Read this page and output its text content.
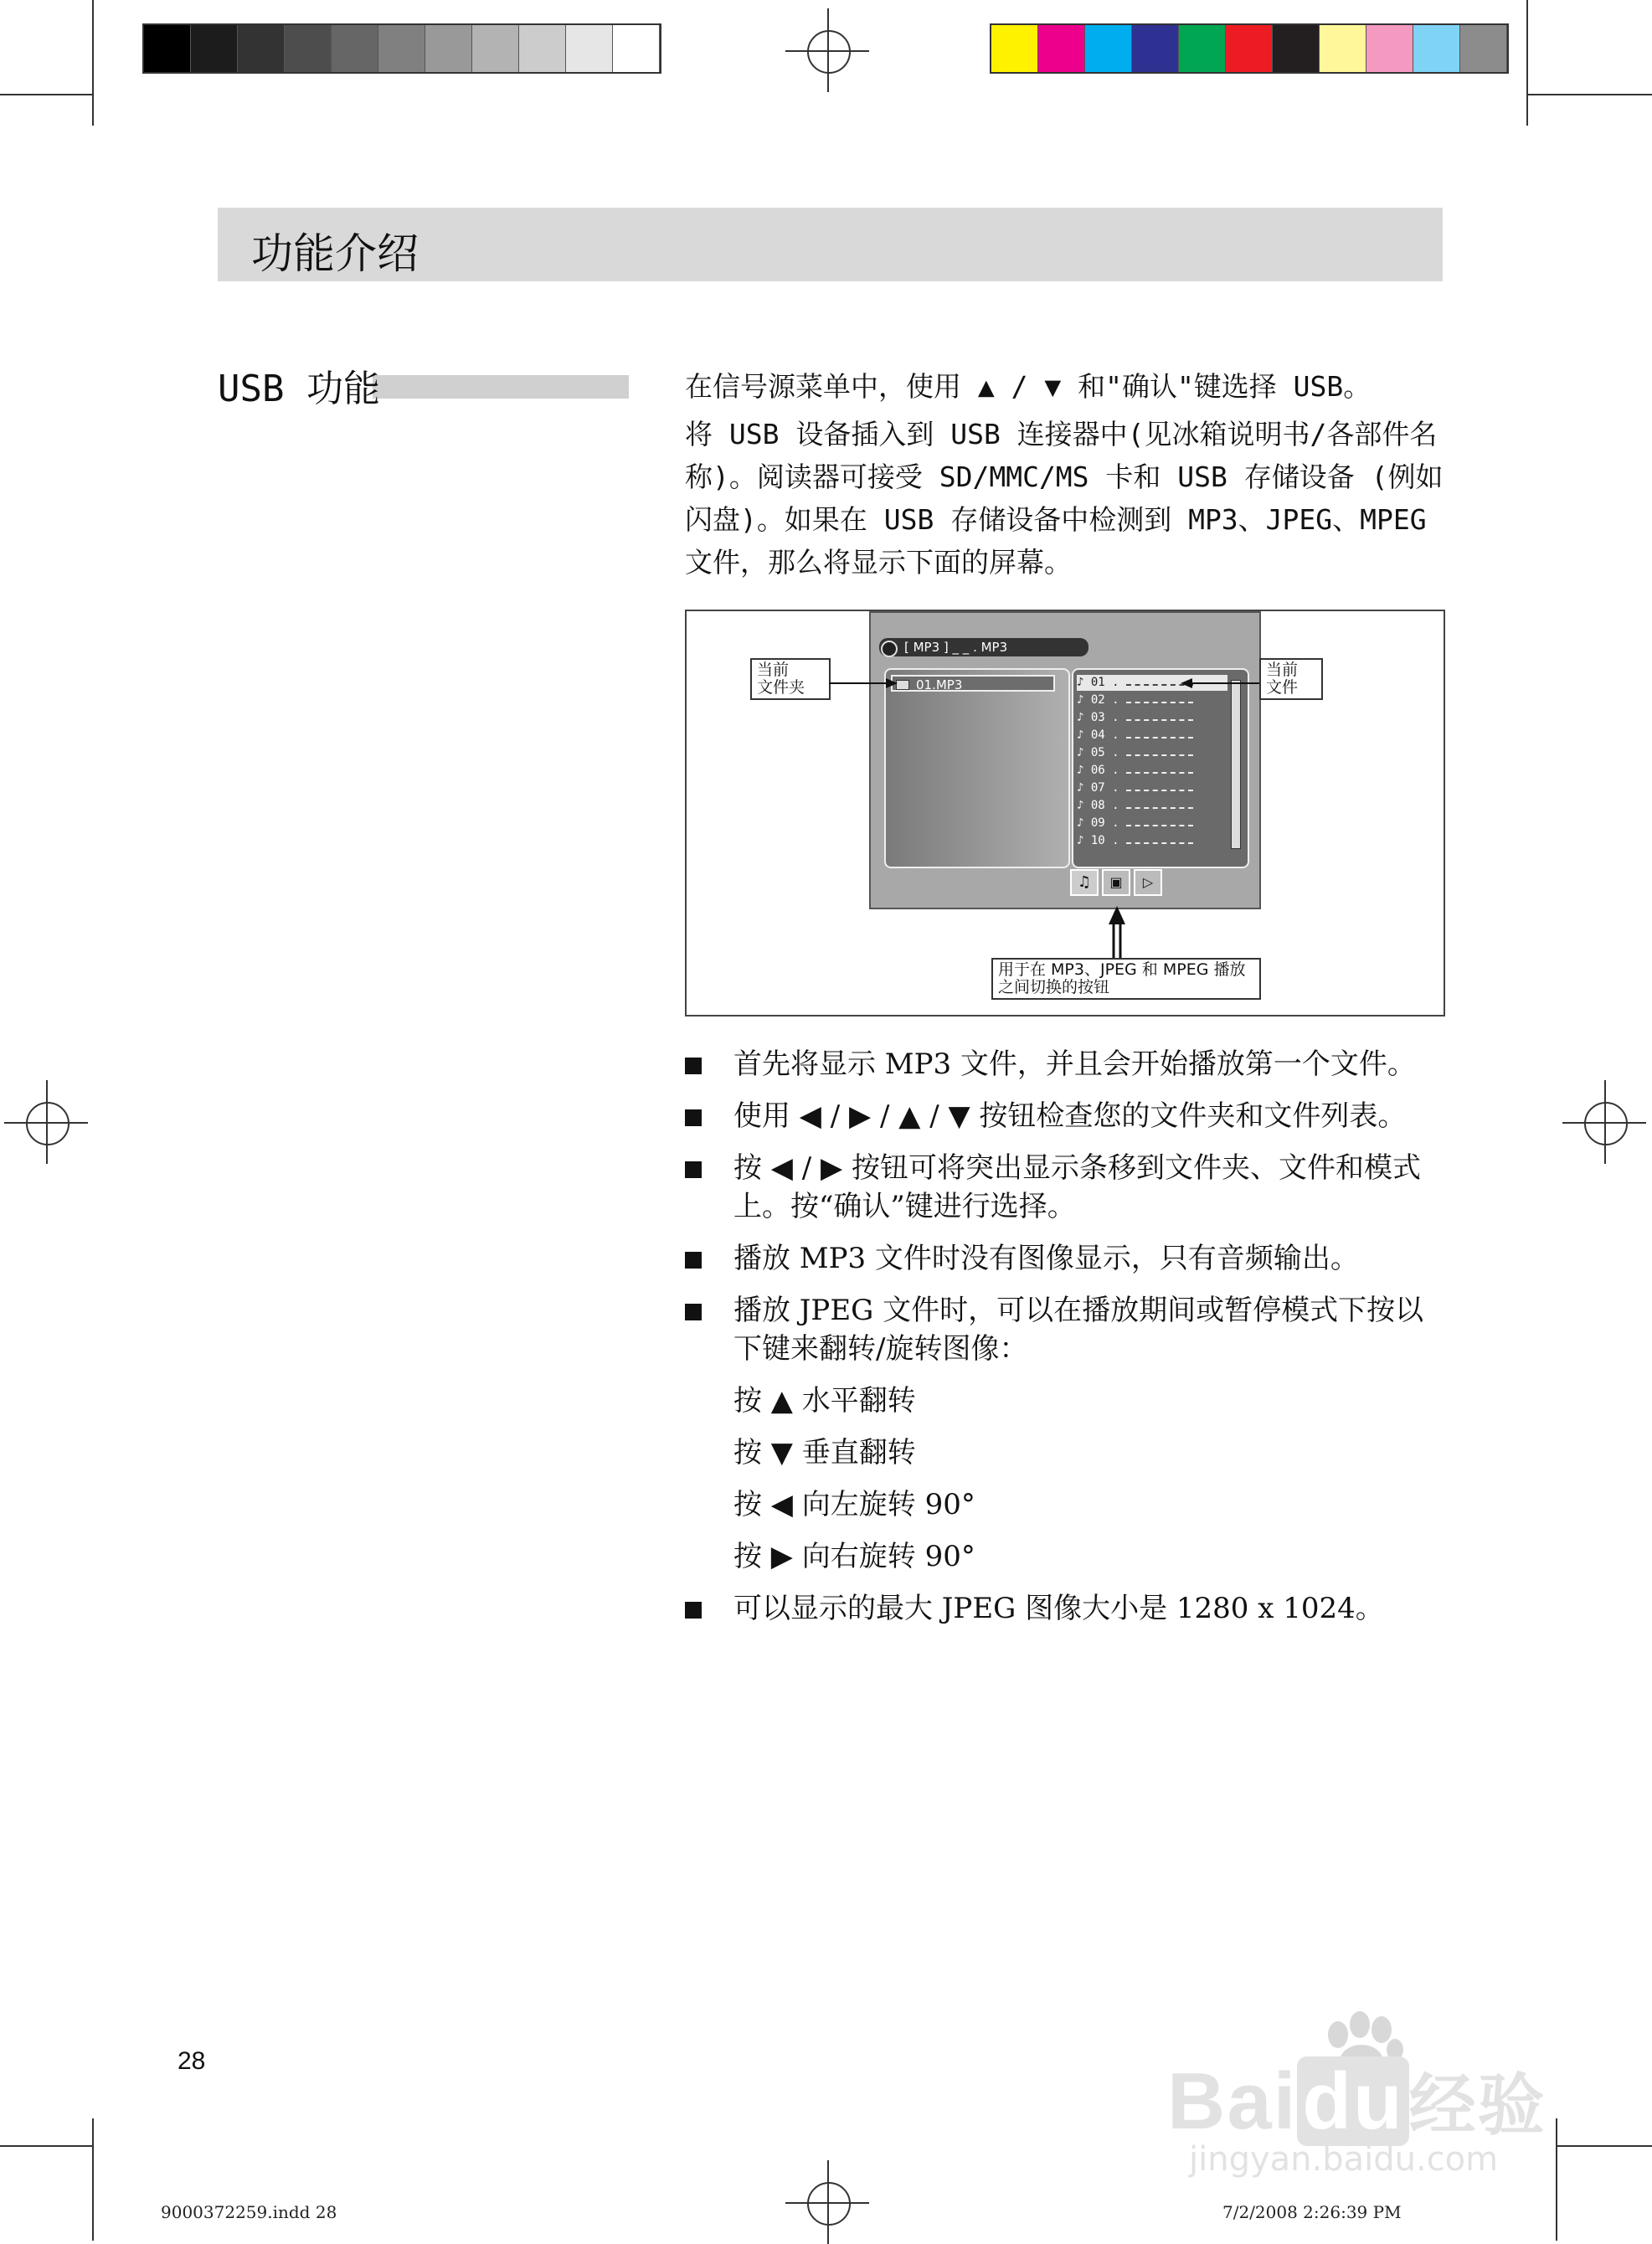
功能介绍
USB 功能	在信号源菜单中，使用 ▲ / ▼ 和"确认"键选择 USB。

将 USB 设备插入到 USB 连接器中(见冰箱说明书/各部件名称)。阅读器可接受 SD/MMC/MS 卡和 USB 存储设备 (例如闪盘)。如果在 USB 存储设备中检测到 MP3、JPEG、MPEG 文件，那么将显示下面的屏幕。

[ MP3 ] _ _ . MP3
01.MP3	♪ 01 .
♪ 02 .
♪ 03 .
♪ 04 .
♪ 05 .
♪ 06 .
♪ 07 .
♪ 08 .
♪ 09 .
♪ 10 .
♫	▣	▷
当前
文件夹
当前
文件
用于在 MP3、JPEG 和 MPEG 播放之间切换的按钮
首先将显示 MP3 文件，并且会开始播放第一个文件。
使用 ◀ / ▶ / ▲ / ▼ 按钮检查您的文件夹和文件列表。
按 ◀ / ▶ 按钮可将突出显示条移到文件夹、文件和模式上。按“确认”键进行选择。
播放 MP3 文件时没有图像显示，只有音频输出。
播放 JPEG 文件时，可以在播放期间或暂停模式下按以下键来翻转/旋转图像：
按 ▲ 水平翻转
按 ▼ 垂直翻转
按 ◀ 向左旋转 90°
按 ▶ 向右旋转 90°
可以显示的最大 JPEG 图像大小是 1280 x 1024。
28
9000372259.indd 28	7/2/2008 2:26:39 PM
Baidu经验
jingyan.baidu.com
